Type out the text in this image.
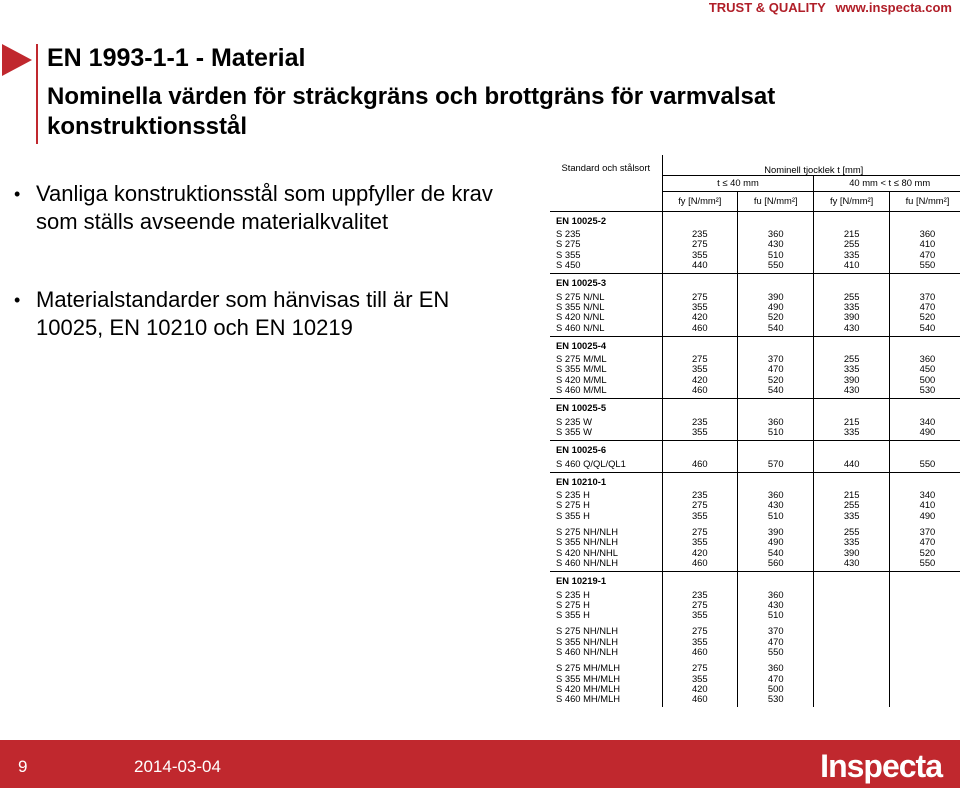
TRUST & QUALITY www.inspecta.com
EN 1993-1-1 - Material
Nominella värden för sträckgräns och brottgräns för varmvalsat konstruktionsstål
• Vanliga konstruktionsstål som uppfyller de krav som ställs avseende materialkvalitet
• Materialstandarder som hänvisas till är EN 10025, EN 10210 och EN 10219
Standard och stålsort	Nominell tjocklek t [mm]			
	t ≤ 40 mm		40 mm < t ≤ 80 mm	
	fy [N/mm²]	fu [N/mm²]	fy [N/mm²]	fu [N/mm²]
EN 10025-2				
S 235	235	360	215	360
S 275	275	430	255	410
S 355	355	510	335	470
S 450	440	550	410	550

EN 10025-3				
S 275 N/NL	275	390	255	370
S 355 N/NL	355	490	335	470
S 420 N/NL	420	520	390	520
S 460 N/NL	460	540	430	540

EN 10025-4				
S 275 M/ML	275	370	255	360
S 355 M/ML	355	470	335	450
S 420 M/ML	420	520	390	500
S 460 M/ML	460	540	430	530

EN 10025-5				
S 235 W	235	360	215	340
S 355 W	355	510	335	490

EN 10025-6				
S 460 Q/QL/QL1	460	570	440	550

EN 10210-1				
S 235 H	235	360	215	340
S 275 H	275	430	255	410
S 355 H	355	510	335	490

S 275 NH/NLH	275	390	255	370
S 355 NH/NLH	355	490	335	470
S 420 NH/NHL	420	540	390	520
S 460 NH/NLH	460	560	430	550

EN 10219-1				
S 235 H	235	360		
S 275 H	275	430		
S 355 H	355	510		

S 275 NH/NLH	275	370		
S 355 NH/NLH	355	470		
S 460 NH/NLH	460	550		

S 275 MH/MLH	275	360		
S 355 MH/MLH	355	470		
S 420 MH/MLH	420	500		
S 460 MH/MLH	460	530		

9	2014-03-04	Inspecta
